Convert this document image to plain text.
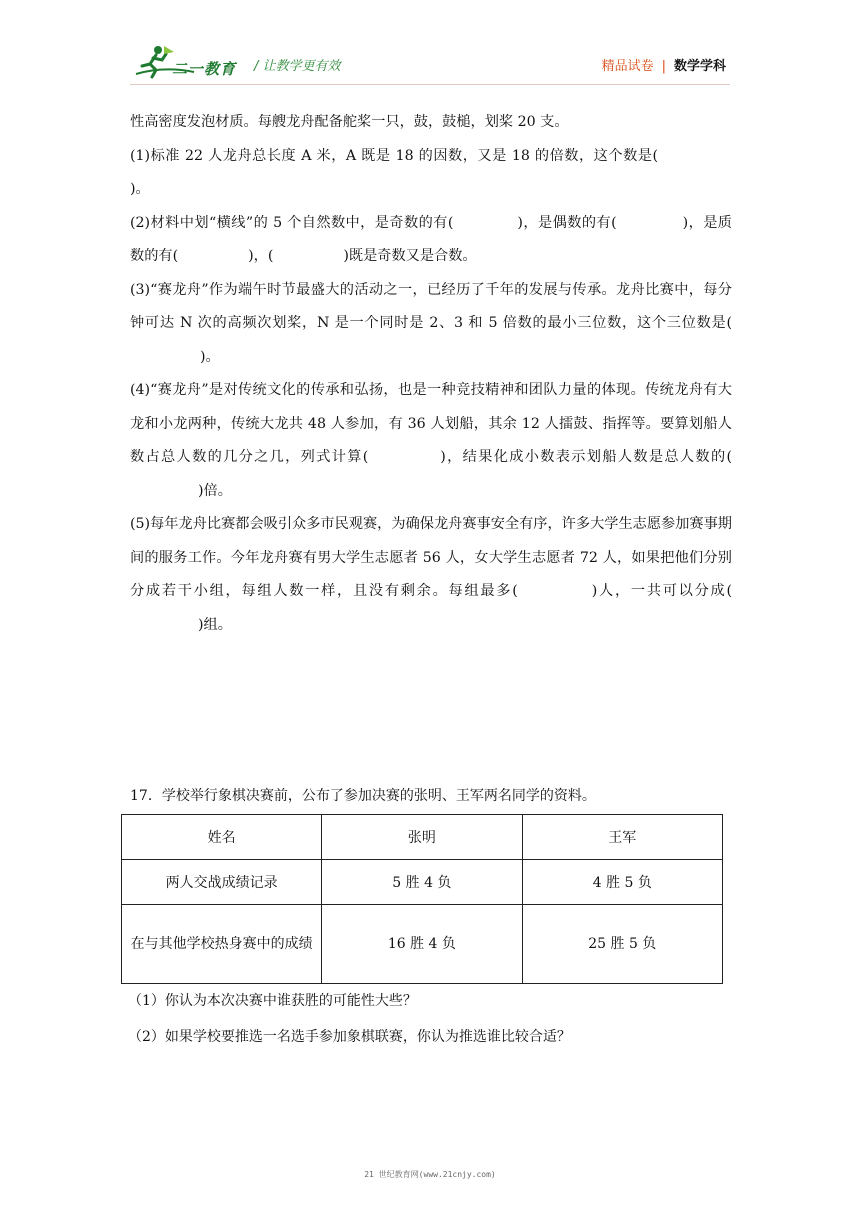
二一教育 / 让教学更有效	精品试卷 | 数学学科

性高密度发泡材质。每艘龙舟配备舵桨一只，鼓，鼓槌，划桨 20 支。

(1)标准 22 人龙舟总长度 A 米，A 既是 18 的因数，又是 18 的倍数，这个数是()。

(2)材料中划“横线”的 5 个自然数中，是奇数的有(	)，是偶数的有(	)，是质数的有(	)，(	)既是奇数又是合数。

(3)“赛龙舟”作为端午时节最盛大的活动之一，已经历了千年的发展与传承。龙舟比赛中，每分钟可达 N 次的高频次划桨，N 是一个同时是 2、3 和 5 倍数的最小三位数，这个三位数是()。

(4)“赛龙舟”是对传统文化的传承和弘扬，也是一种竞技精神和团队力量的体现。传统龙舟有大龙和小龙两种，传统大龙共 48 人参加，有 36 人划船，其余 12 人擂鼓、指挥等。要算划船人数占总人数的几分之几，列式计算(	)，结果化成小数表示划船人数是总人数的()倍。

(5)每年龙舟比赛都会吸引众多市民观赛，为确保龙舟赛事安全有序，许多大学生志愿参加赛事期间的服务工作。今年龙舟赛有男大学生志愿者 56 人，女大学生志愿者 72 人，如果把他们分别分成若干小组，每组人数一样，且没有剩余。每组最多(	)人，一共可以分成()组。

17．学校举行象棋决赛前，公布了参加决赛的张明、王军两名同学的资料。
姓名	张明	王军
两人交战成绩记录	5 胜 4 负	4 胜 5 负
在与其他学校热身赛中的成绩	16 胜 4 负	25 胜 5 负
（1）你认为本次决赛中谁获胜的可能性大些？
（2）如果学校要推选一名选手参加象棋联赛，你认为推选谁比较合适？
21 世纪教育网(www.21cnjy.com)
